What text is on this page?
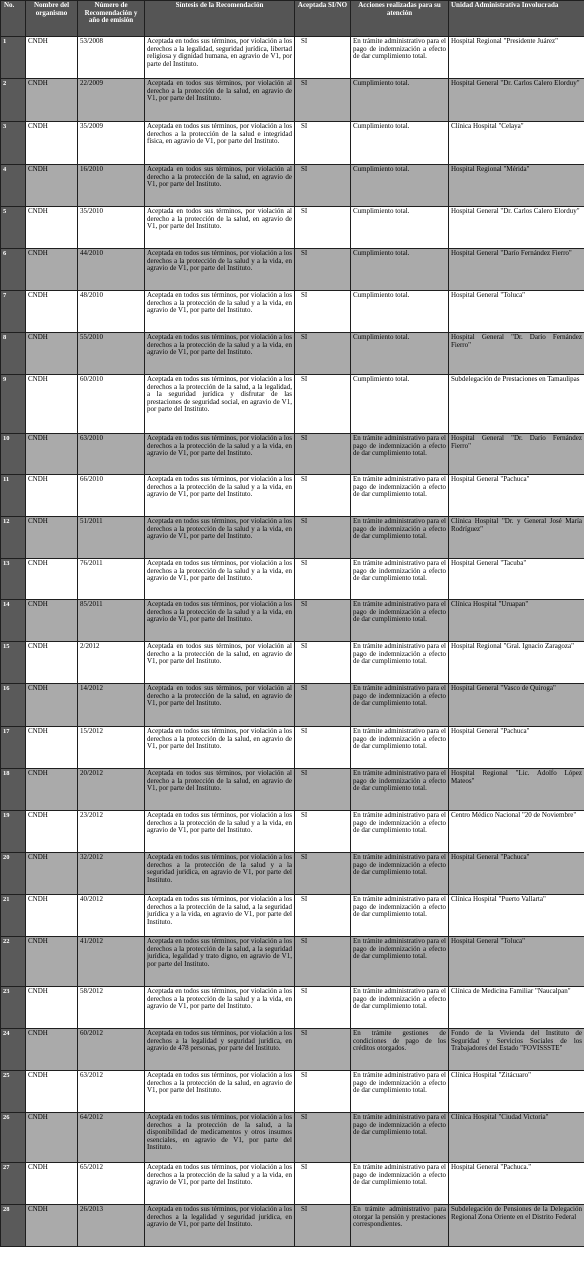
No.	Nombre del organismo	Número de Recomendación y año de emisión	Síntesis de la Recomendación	Aceptada SI/NO	Acciones realizadas para su atención	Unidad Administrativa Involucrada
1	CNDH	53/2008	Aceptada en todos sus términos, por violación a los derechos a la legalidad, seguridad jurídica, libertad religiosa y dignidad humana, en agravio de V1, por parte del Instituto.	SI	En trámite administrativo para el pago de indemnización a efecto de dar cumplimiento total.	Hospital Regional "Presidente Juárez"
2	CNDH	22/2009	Aceptada en todos sus términos, por violación al derecho a la protección de la salud, en agravio de V1, por parte del Instituto.	SI	Cumplimiento total.	Hospital General "Dr. Carlos Calero Elorduy"
3	CNDH	35/2009	Aceptada en todos sus términos, por violación a los derechos a la protección de la salud e integridad física, en agravio de V1, por parte del Instituto.	SI	Cumplimiento total.	Clínica Hospital "Celaya"
4	CNDH	16/2010	Aceptada en todos sus términos, por violación al derecho a la protección de la salud, en agravio de V1, por parte del Instituto.	SI	Cumplimiento total.	Hospital Regional "Mérida"
5	CNDH	35/2010	Aceptada en todos sus términos, por violación al derecho a la protección de la salud, en agravio de V1, por parte del Instituto.	SI	Cumplimiento total.	Hospital General "Dr. Carlos Calero Elorduy"
6	CNDH	44/2010	Aceptada en todos sus términos, por violación a los derechos a la protección de la salud y a la vida, en agravio de V1, por parte del Instituto.	SI	Cumplimiento total.	Hospital General "Darío Fernández Fierro"
7	CNDH	48/2010	Aceptada en todos sus términos, por violación a los derechos a la protección de la salud y a la vida, en agravio de V1, por parte del Instituto.	SI	Cumplimiento total.	Hospital General "Toluca"
8	CNDH	55/2010	Aceptada en todos sus términos, por violación a los derechos a la protección de la salud y a la vida, en agravio de V1, por parte del Instituto.	SI	Cumplimiento total.	Hospital General "Dr. Darío Fernández Fierro"
9	CNDH	60/2010	Aceptada en todos sus términos, por violación a los derechos a la protección de la salud, a la legalidad, a la seguridad jurídica y disfrutar de las prestaciones de seguridad social, en agravio de V1, por parte del Instituto.	SI	Cumplimiento total.	Subdelegación de Prestaciones en Tamaulipas
10	CNDH	63/2010	Aceptada en todos sus términos, por violación a los derechos a la protección de la salud y a la vida, en agravio de V1, por parte del Instituto.	SI	En trámite administrativo para el pago de indemnización a efecto de dar cumplimiento total.	Hospital General "Dr. Darío Fernández Fierro"
11	CNDH	66/2010	Aceptada en todos sus términos, por violación a los derechos a la protección de la salud y a la vida, en agravio de V1, por parte del Instituto.	SI	En trámite administrativo para el pago de indemnización a efecto de dar cumplimiento total.	Hospital General "Pachuca"
12	CNDH	51/2011	Aceptada en todos sus términos, por violación a los derechos a la protección de la salud y a la vida, en agravio de V1, por parte del Instituto.	SI	En trámite administrativo para el pago de indemnización a efecto de dar cumplimiento total.	Clínica Hospital "Dr. y General José María Rodríguez"
13	CNDH	76/2011	Aceptada en todos sus términos, por violación a los derechos a la protección de la salud y a la vida, en agravio de V1, por parte del Instituto.	SI	En trámite administrativo para el pago de indemnización a efecto de dar cumplimiento total.	Hospital General "Tacuba"
14	CNDH	85/2011	Aceptada en todos sus términos, por violación a los derechos a la protección de la salud y a la vida, en agravio de V1, por parte del Instituto.	SI	En trámite administrativo para el pago de indemnización a efecto de dar cumplimiento total.	Clínica Hospital "Uruapan"
15	CNDH	2/2012	Aceptada en todos sus términos, por violación al derecho a la protección de la salud, en agravio de V1, por parte del Instituto.	SI	En trámite administrativo para el pago de indemnización a efecto de dar cumplimiento total.	Hospital Regional "Gral. Ignacio Zaragoza"
16	CNDH	14/2012	Aceptada en todos sus términos, por violación al derecho a la protección de la salud, en agravio de V1, por parte del Instituto.	SI	En trámite administrativo para el pago de indemnización a efecto de dar cumplimiento total.	Hospital General "Vasco de Quiroga"
17	CNDH	15/2012	Aceptada en todos sus términos, por violación a los derechos a la protección de la salud, en agravio de V1, por parte del Instituto.	SI	En trámite administrativo para el pago de indemnización a efecto de dar cumplimiento total.	Hospital General "Pachuca"
18	CNDH	20/2012	Aceptada en todos sus términos, por violación al derecho a la protección de la salud, en agravio de V1, por parte del Instituto.	SI	En trámite administrativo para el pago de indemnización a efecto de dar cumplimiento total.	Hospital Regional "Lic. Adolfo López Mateos"
19	CNDH	23/2012	Aceptada en todos sus términos, por violación a los derechos a la protección de la salud y a la vida, en agravio de V1, por parte del Instituto.	SI	En trámite administrativo para el pago de indemnización a efecto de dar cumplimiento total.	Centro Médico Nacional "20 de Noviembre"
20	CNDH	32/2012	Aceptada en todos sus términos, por violación a los derechos a la protección de la salud y a la seguridad jurídica, en agravio de V1, por parte del Instituto.	SI	En trámite administrativo para el pago de indemnización a efecto de dar cumplimiento total.	Hospital General "Pachuca"
21	CNDH	40/2012	Aceptada en todos sus términos, por violación a los derechos a la protección de la salud, a la seguridad jurídica y a la vida, en agravio de V1, por parte del Instituto.	SI	En trámite administrativo para el pago de indemnización a efecto de dar cumplimiento total.	Clínica Hospital "Puerto Vallarta"
22	CNDH	41/2012	Aceptada en todos sus términos, por violación a los derechos a la protección de la salud, a la seguridad jurídica, legalidad y trato digno, en agravio de V1, por parte del Instituto.	SI	En trámite administrativo para el pago de indemnización a efecto de dar cumplimiento total.	Hospital General "Toluca"
23	CNDH	58/2012	Aceptada en todos sus términos, por violación a los derechos a la protección de la salud y a la vida, en agravio de V1, por parte del Instituto.	SI	En trámite administrativo para el pago de indemnización a efecto de dar cumplimiento total.	Clínica de Medicina Familiar "Naucalpan"
24	CNDH	60/2012	Aceptada en todos sus términos, por violación a los derechos a la legalidad y seguridad jurídica, en agravio de 478 personas, por parte del Instituto.	SI	En trámite gestiones de condiciones de pago de los créditos otorgados.	Fondo de la Vivienda del Instituto de Seguridad y Servicios Sociales de los Trabajadores del Estado "FOVISSSTE"
25	CNDH	63/2012	Aceptada en todos sus términos, por violación a los derechos a la protección de la salud, en agravio de V1, por parte del Instituto.	SI	En trámite administrativo para el pago de indemnización a efecto de dar cumplimiento total.	Clínica Hospital "Zitácuaro"
26	CNDH	64/2012	Aceptada en todos sus términos, por violación a los derechos a la protección de la salud, a la disponibilidad de medicamentos y otros insumos esenciales, en agravio de V1, por parte del Instituto.	SI	En trámite administrativo para el pago de indemnización a efecto de dar cumplimiento total.	Clínica Hospital "Ciudad Victoria"
27	CNDH	65/2012	Aceptada en todos sus términos, por violación a los derechos a la protección de la salud y a la vida, en agravio de V1, por parte del Instituto.	SI	En trámite administrativo para el pago de indemnización a efecto de dar cumplimiento total.	Hospital General "Pachuca."
28	CNDH	26/2013	Aceptada en todos sus términos, por violación a los derechos a la legalidad y seguridad jurídica, en agravio de V1, por parte del Instituto.	SI	En trámite administrativo para otorgar la pensión y prestaciones correspondientes.	Subdelegación de Pensiones de la Delegación Regional Zona Oriente en el Distrito Federal
